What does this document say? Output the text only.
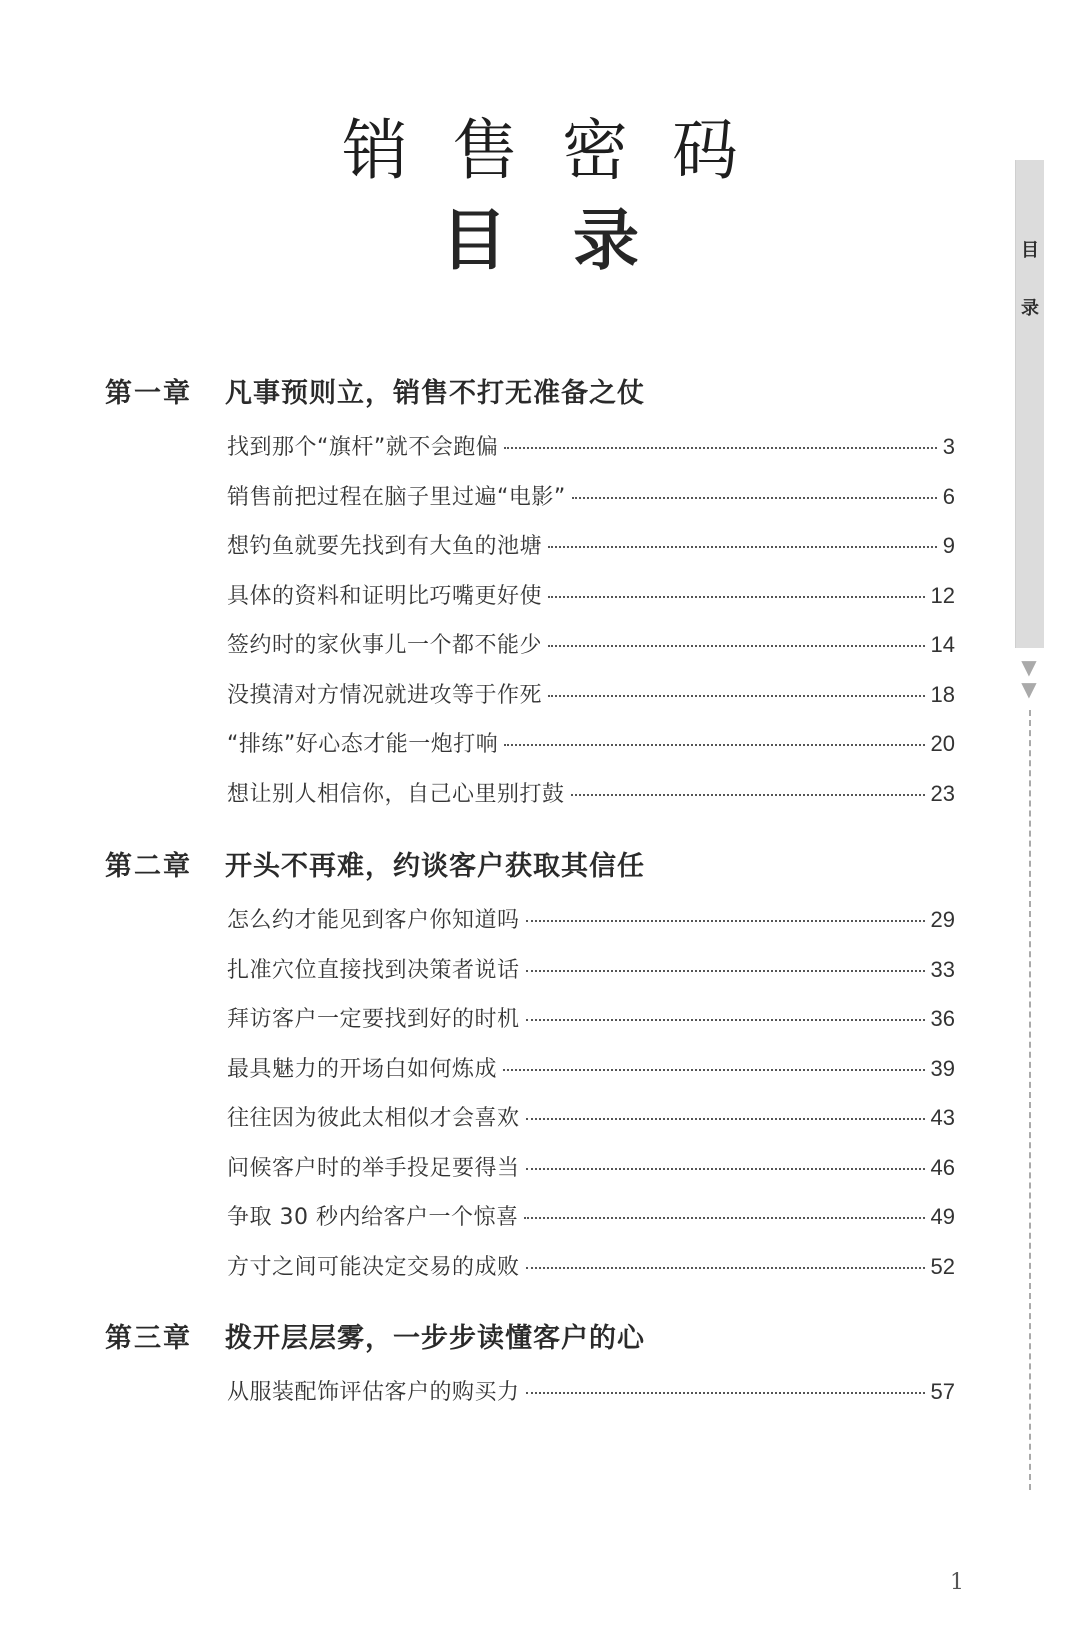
销售密码
目录
第一章	凡事预则立，销售不打无准备之仗
找到那个“旗杆”就不会跑偏	3
销售前把过程在脑子里过遍“电影”	6
想钓鱼就要先找到有大鱼的池塘	9
具体的资料和证明比巧嘴更好使	12
签约时的家伙事儿一个都不能少	14
没摸清对方情况就进攻等于作死	18
“排练”好心态才能一炮打响	20
想让别人相信你，自己心里别打鼓	23
第二章	开头不再难，约谈客户获取其信任
怎么约才能见到客户你知道吗	29
扎准穴位直接找到决策者说话	33
拜访客户一定要找到好的时机	36
最具魅力的开场白如何炼成	39
往往因为彼此太相似才会喜欢	43
问候客户时的举手投足要得当	46
争取 30 秒内给客户一个惊喜	49
方寸之间可能决定交易的成败	52
第三章	拨开层层雾，一步步读懂客户的心
从服装配饰评估客户的购买力	57
目
录
▼
▼
1
